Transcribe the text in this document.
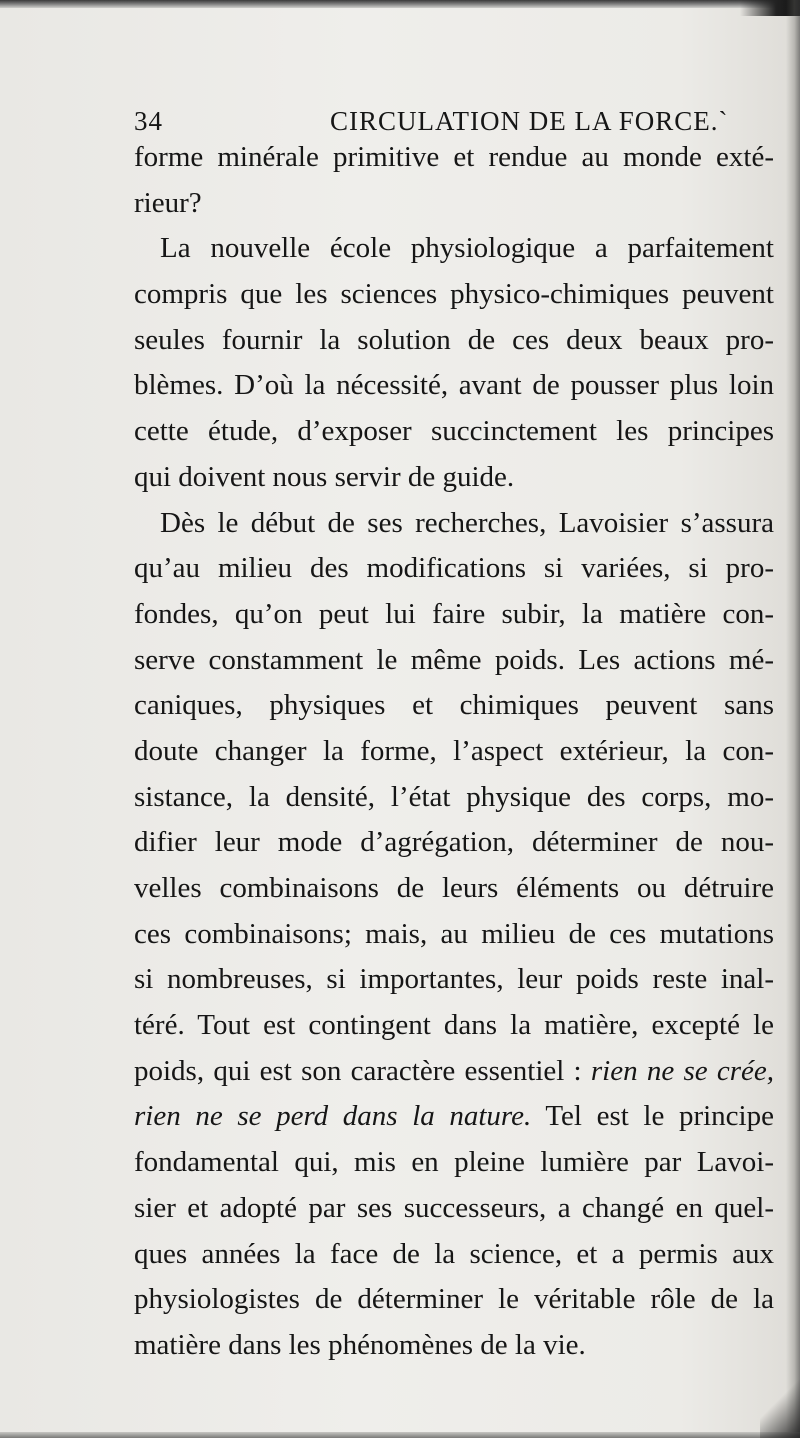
34	CIRCULATION DE LA FORCE.`
forme minérale primitive et rendue au monde exté-
rieur?
La nouvelle école physiologique a parfaitement
compris que les sciences physico-chimiques peuvent
seules fournir la solution de ces deux beaux pro-
blèmes. D’où la nécessité, avant de pousser plus loin
cette étude, d’exposer succinctement les principes
qui doivent nous servir de guide.
Dès le début de ses recherches, Lavoisier s’assura
qu’au milieu des modifications si variées, si pro-
fondes, qu’on peut lui faire subir, la matière con-
serve constamment le même poids. Les actions mé-
caniques, physiques et chimiques peuvent sans
doute changer la forme, l’aspect extérieur, la con-
sistance, la densité, l’état physique des corps, mo-
difier leur mode d’agrégation, déterminer de nou-
velles combinaisons de leurs éléments ou détruire
ces combinaisons; mais, au milieu de ces mutations
si nombreuses, si importantes, leur poids reste inal-
téré. Tout est contingent dans la matière, excepté le
poids, qui est son caractère essentiel : rien ne se crée,
rien ne se perd dans la nature. Tel est le principe
fondamental qui, mis en pleine lumière par Lavoi-
sier et adopté par ses successeurs, a changé en quel-
ques années la face de la science, et a permis aux
physiologistes de déterminer le véritable rôle de la
matière dans les phénomènes de la vie.
